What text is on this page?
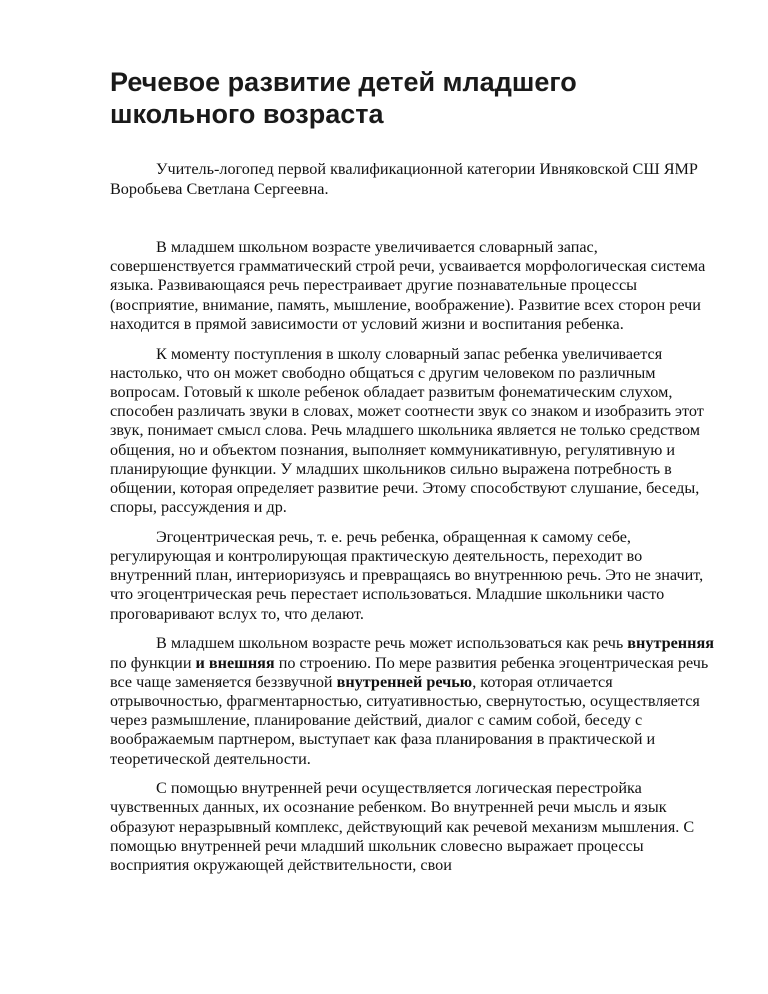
Речевое развитие детей младшего школьного возраста

Учитель-логопед первой квалификационной категории Ивняковской СШ ЯМР Воробьева Светлана Сергеевна.

В младшем школьном возрасте увеличивается словарный запас, совершенствуется грамматический строй речи, усваивается морфологическая система языка. Развивающаяся речь перестраивает другие познавательные процессы (восприятие, внимание, память, мышление, воображение). Развитие всех сторон речи находится в прямой зависимости от условий жизни и воспитания ребенка.

К моменту поступления в школу словарный запас ребенка увеличивается настолько, что он может свободно общаться с другим человеком по различным вопросам. Готовый к школе ребенок обладает развитым фонематическим слухом, способен различать звуки в словах, может соотнести звук со знаком и изобразить этот звук, понимает смысл слова. Речь младшего школьника является не только средством общения, но и объектом познания, выполняет коммуникативную, регулятивную и планирующие функции. У младших школьников сильно выражена потребность в общении, которая определяет развитие речи. Этому способствуют слушание, беседы, споры, рассуждения и др.

Эгоцентрическая речь, т. е. речь ребенка, обращенная к самому себе, регулирующая и контролирующая практическую деятельность, переходит во внутренний план, интериоризуясь и превращаясь во внутреннюю речь. Это не значит, что эгоцентрическая речь перестает использоваться. Младшие школьники часто проговаривают вслух то, что делают.

В младшем школьном возрасте речь может использоваться как речь внутренняя по функции и внешняя по строению. По мере развития ребенка эгоцентрическая речь все чаще заменяется беззвучной внутренней речью, которая отличается отрывочностью, фрагментарностью, ситуативностью, свернутостью, осуществляется через размышление, планирование действий, диалог с самим собой, беседу с воображаемым партнером, выступает как фаза планирования в практической и теоретической деятельности.

С помощью внутренней речи осуществляется логическая перестройка чувственных данных, их осознание ребенком. Во внутренней речи мысль и язык образуют неразрывный комплекс, действующий как речевой механизм мышления. С помощью внутренней речи младший школьник словесно выражает процессы восприятия окружающей действительности, свои
